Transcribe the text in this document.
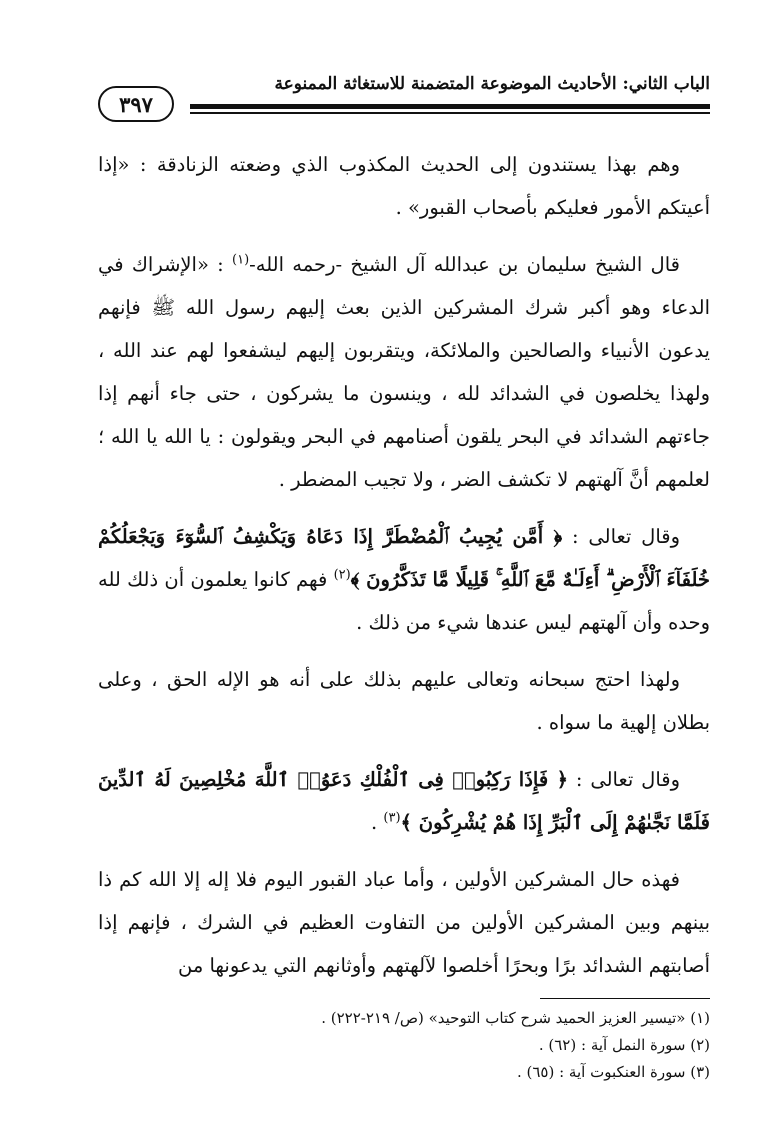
الباب الثاني: الأحاديث الموضوعة المتضمنة للاستغاثة الممنوعة
٣٩٧

وهم بهذا يستندون إلى الحديث المكذوب الذي وضعته الزنادقة : «إذا أعيتكم الأمور فعليكم بأصحاب القبور» .

قال الشيخ سليمان بن عبدالله آل الشيخ -رحمه الله-$^{(١)}$ : «الإشراك في الدعاء وهو أكبر شرك المشركين الذين بعث إليهم رسول الله ﷺ فإنهم يدعون الأنبياء والصالحين والملائكة، ويتقربون إليهم ليشفعوا لهم عند الله ، ولهذا يخلصون في الشدائد لله ، وينسون ما يشركون ، حتى جاء أنهم إذا جاءتهم الشدائد في البحر يلقون أصنامهم في البحر ويقولون : يا الله يا الله ؛ لعلمهم أنَّ آلهتهم لا تكشف الضر ، ولا تجيب المضطر .

وقال تعالى : ﴿ أَمَّن يُجِيبُ ٱلْمُضْطَرَّ إِذَا دَعَاهُ وَيَكْشِفُ ٱلسُّوٓءَ وَيَجْعَلُكُمْ خُلَفَآءَ ٱلْأَرْضِ ۗ أَءِلَـٰهٌ مَّعَ ٱللَّهِ ۚ قَلِيلًا مَّا تَذَكَّرُونَ ﴾$^{(٢)}$ فهم كانوا يعلمون أن ذلك لله وحده وأن آلهتهم ليس عندها شيء من ذلك .

ولهذا احتج سبحانه وتعالى عليهم بذلك على أنه هو الإله الحق ، وعلى بطلان إلهية ما سواه .

وقال تعالى : ﴿ فَإِذَا رَكِبُوا۟ فِى ٱلْفُلْكِ دَعَوُا۟ ٱللَّهَ مُخْلِصِينَ لَهُ ٱلدِّينَ فَلَمَّا نَجَّىٰهُمْ إِلَى ٱلْبَرِّ إِذَا هُمْ يُشْرِكُونَ ﴾$^{(٣)}$ .

فهذه حال المشركين الأولين ، وأما عباد القبور اليوم فلا إله إلا الله كم ذا بينهم وبين المشركين الأولين من التفاوت العظيم في الشرك ، فإنهم إذا أصابتهم الشدائد برًا وبحرًا أخلصوا لآلهتهم وأوثانهم التي يدعونها من

(١) «تيسير العزيز الحميد شرح كتاب التوحيد» (ص/ ٢١٩-٢٢٢) .

(٢) سورة النمل آية : (٦٢) .

(٣) سورة العنكبوت آية : (٦٥) .
